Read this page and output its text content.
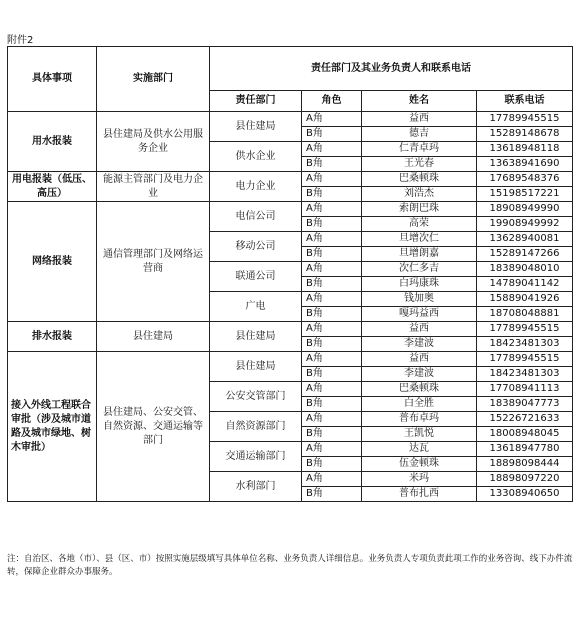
附件2
具体事项	实施部门	责任部门及其业务负责人和联系电话			
		责任部门	角色	姓名	联系电话
用水报装	县住建局及供水公用服务企业	县住建局	A角	益西	17789945515
			B角	德吉	15289148678
		供水企业	A角	仁青卓玛	13618948118
			B角	王光春	13638941690
用电报装（低压、高压）	能源主管部门及电力企业	电力企业	A角	巴桑顿珠	17689548376
			B角	刘浩杰	15198517221
网络报装	通信管理部门及网络运营商	电信公司	A角	索朗巴珠	18908949990
			B角	高荣	19908949992
		移动公司	A角	旦增次仁	13628940081
			B角	旦增朗嘉	15289147266
		联通公司	A角	次仁多吉	18389048010
			B角	白玛康珠	14789041142
		广电	A角	钱加奥	15889041926
			B角	嘎玛益西	18708048881
排水报装	县住建局	县住建局	A角	益西	17789945515
			B角	李建波	18423481303
接入外线工程联合审批（涉及城市道路及城市绿地、树木审批）	县住建局、公安交管、自然资源、交通运输等部门	县住建局	A角	益西	17789945515
			B角	李建波	18423481303
		公安交管部门	A角	巴桑顿珠	17708941113
			B角	白全胜	18389047773
		自然资源部门	A角	普布卓玛	15226721633
			B角	王凯悦	18008948045
		交通运输部门	A角	达瓦	13618947780
			B角	伍金顿珠	18898098444
		水利部门	A角	米玛	18898097220
			B角	普布扎西	13308940650
注：自治区、各地（市）、县（区、市）按照实施层级填写具体单位名称、业务负责人详细信息。业务负责人专项负责此项工作的业务咨询、线下办件流转，保障企业群众办事服务。
